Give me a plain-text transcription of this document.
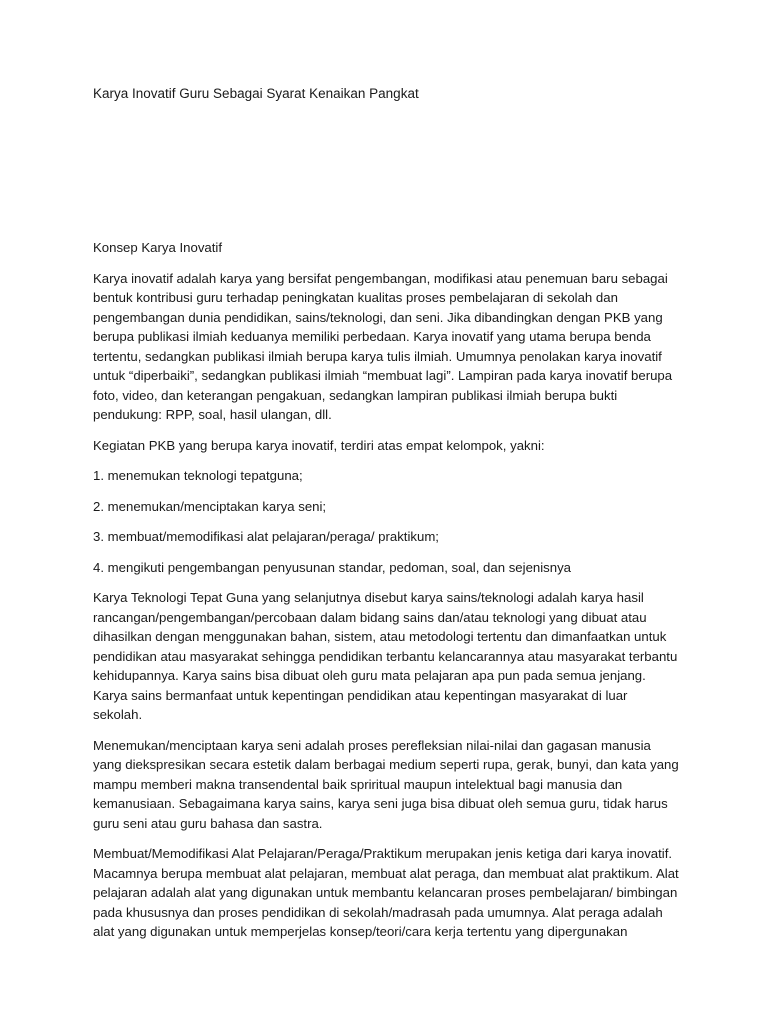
Karya Inovatif Guru Sebagai Syarat Kenaikan Pangkat
Konsep Karya Inovatif

Karya inovatif adalah karya yang bersifat pengembangan, modifikasi atau penemuan baru sebagai bentuk kontribusi guru terhadap peningkatan kualitas proses pembelajaran di sekolah dan pengembangan dunia pendidikan, sains/teknologi, dan seni. Jika dibandingkan dengan PKB yang berupa publikasi ilmiah keduanya memiliki perbedaan. Karya inovatif yang utama berupa benda tertentu, sedangkan publikasi ilmiah berupa karya tulis ilmiah. Umumnya penolakan karya inovatif untuk “diperbaiki”, sedangkan publikasi ilmiah “membuat lagi”. Lampiran pada karya inovatif berupa foto, video, dan keterangan pengakuan, sedangkan lampiran publikasi ilmiah berupa bukti pendukung: RPP, soal, hasil ulangan, dll.

Kegiatan PKB yang berupa karya inovatif, terdiri atas empat kelompok, yakni:

1. menemukan teknologi tepatguna;

2. menemukan/menciptakan karya seni;

3. membuat/memodifikasi alat pelajaran/peraga/ praktikum;

4. mengikuti pengembangan penyusunan standar, pedoman, soal, dan sejenisnya

Karya Teknologi Tepat Guna yang selanjutnya disebut karya sains/teknologi adalah karya hasil rancangan/pengembangan/percobaan dalam bidang sains dan/atau teknologi yang dibuat atau dihasilkan dengan menggunakan bahan, sistem, atau metodologi tertentu dan dimanfaatkan untuk pendidikan atau masyarakat sehingga pendidikan terbantu kelancarannya atau masyarakat terbantu kehidupannya. Karya sains bisa dibuat oleh guru mata pelajaran apa pun pada semua jenjang. Karya sains bermanfaat untuk kepentingan pendidikan atau kepentingan masyarakat di luar sekolah.

Menemukan/menciptaan karya seni adalah proses perefleksian nilai-nilai dan gagasan manusia yang diekspresikan secara estetik dalam berbagai medium seperti rupa, gerak, bunyi, dan kata yang mampu memberi makna transendental baik spriritual maupun intelektual bagi manusia dan kemanusiaan. Sebagaimana karya sains, karya seni juga bisa dibuat oleh semua guru, tidak harus guru seni atau guru bahasa dan sastra.

Membuat/Memodifikasi Alat Pelajaran/Peraga/Praktikum merupakan jenis ketiga dari karya inovatif. Macamnya berupa membuat alat pelajaran, membuat alat peraga, dan membuat alat praktikum. Alat pelajaran adalah alat yang digunakan untuk membantu kelancaran proses pembelajaran/ bimbingan pada khususnya dan proses pendidikan di sekolah/madrasah pada umumnya. Alat peraga adalah alat yang digunakan untuk memperjelas konsep/teori/cara kerja tertentu yang dipergunakan
